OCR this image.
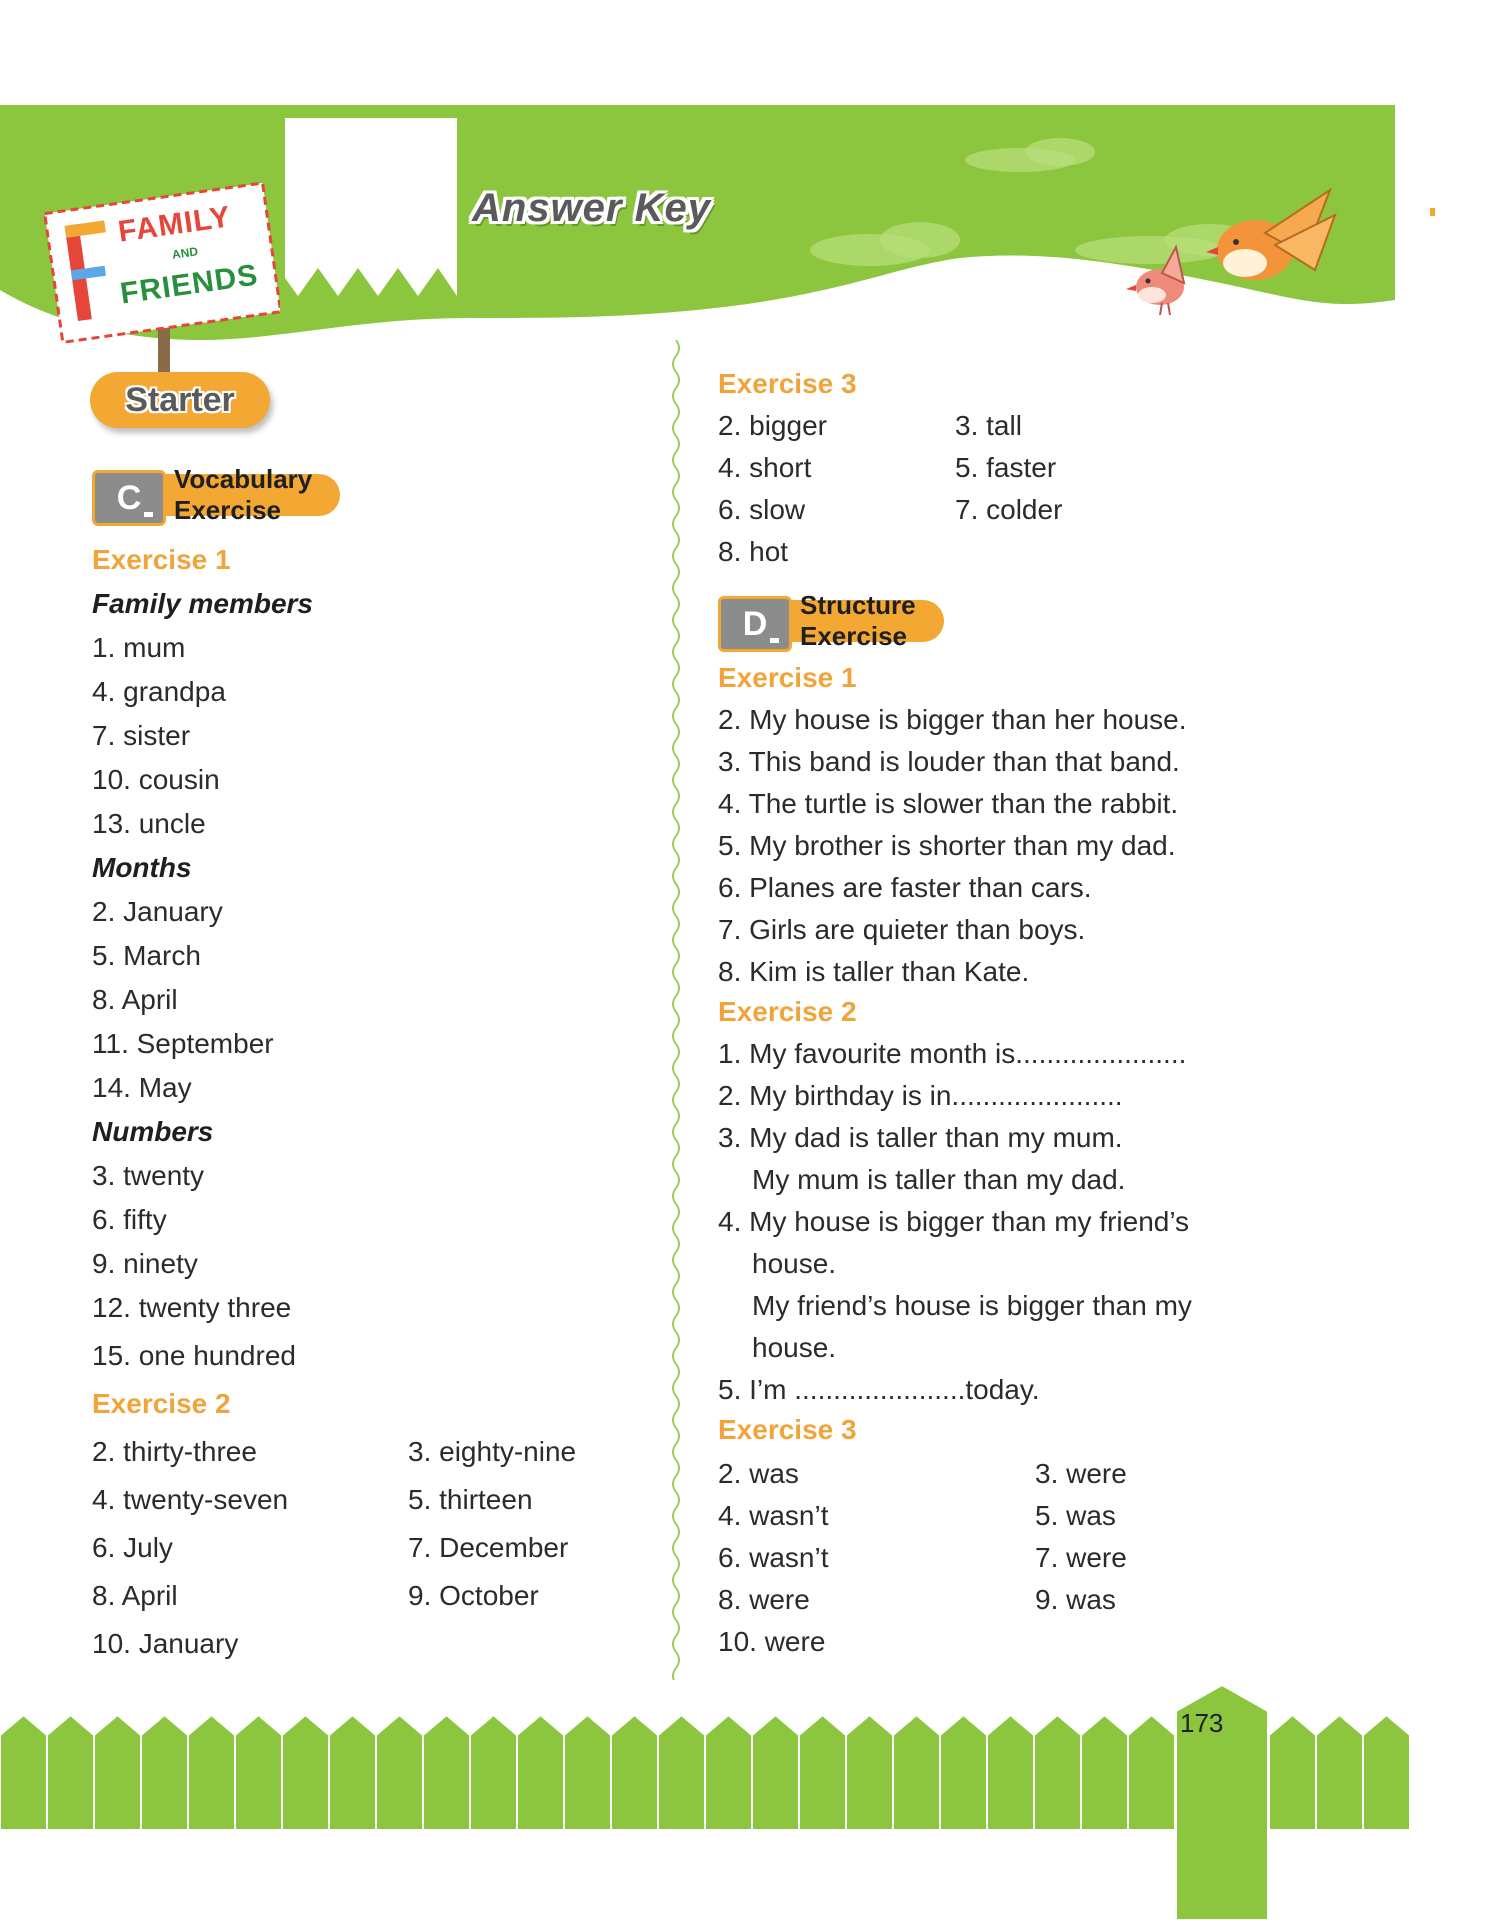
FAMILY
AND
FRIENDS
Answer Key
Starter
C	Vocabulary Exercise
Exercise 1
Family members
1. mum
4. grandpa
7. sister
10. cousin
13. uncle
Months
2. January
5. March
8. April
11. September
14. May
Numbers
3. twenty
6. fifty
9. ninety
12. twenty three
15. one hundred
Exercise 2
2. thirty-three
4. twenty-seven
6. July
8. April
10. January
3. eighty-nine
5. thirteen
7. December
9. October
Exercise 3
2. bigger
4. short
6. slow
8. hot
3. tall
5. faster
7. colder
D	Structure Exercise
Exercise 1
2. My house is bigger than her house.
3. This band is louder than that band.
4. The turtle is slower than the rabbit.
5. My brother is shorter than my dad.
6. Planes are faster than cars.
7. Girls are quieter than boys.
8. Kim is taller than Kate.
Exercise 2
1. My favourite month is......................
2. My birthday is in......................
3. My dad is taller than my mum.
My mum is taller than my dad.
4. My house is bigger than my friend’s
house.
My friend’s house is bigger than my
house.
5. I’m ......................today.
Exercise 3
2. was
4. wasn’t
6. wasn’t
8. were
10. were
3. were
5. was
7. were
9. was
173
